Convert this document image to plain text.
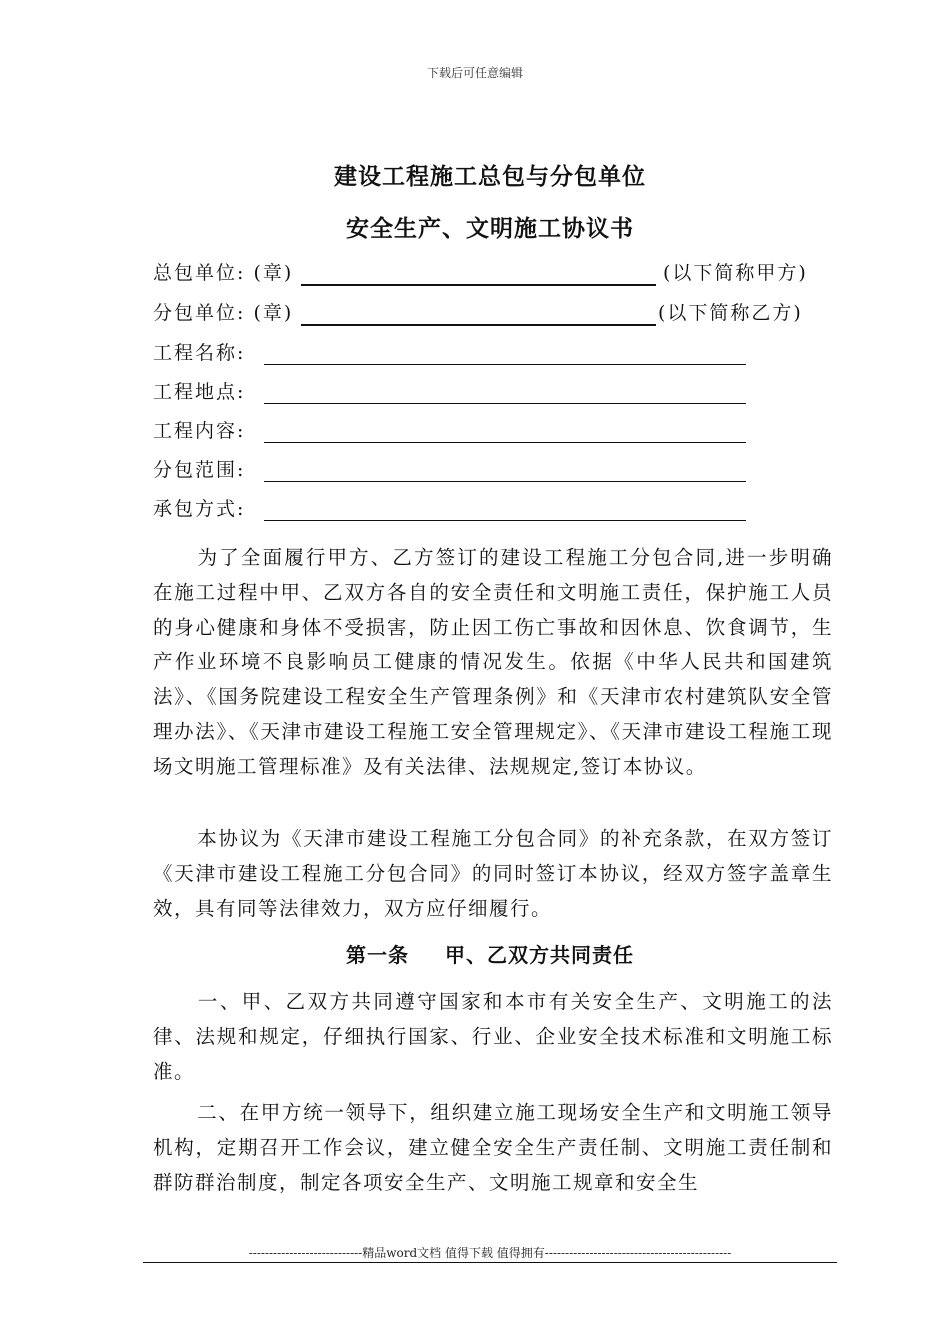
下载后可任意编辑
建设工程施工总包与分包单位
安全生产、文明施工协议书
总包单位: (章)	(以下简称甲方)
分包单位: (章)	(以下简称乙方)
工程名称:
工程地点:
工程内容:
分包范围:
承包方式:
为了全面履行甲方、乙方签订的建设工程施工分包合同,进一步明确在施工过程中甲、乙双方各自的安全责任和文明施工责任，保护施工人员的身心健康和身体不受损害，防止因工伤亡事故和因休息、饮食调节，生产作业环境不良影响员工健康的情况发生。依据《中华人民共和国建筑法》、《国务院建设工程安全生产管理条例》和《天津市农村建筑队安全管理办法》、《天津市建设工程施工安全管理规定》、《天津市建设工程施工现场文明施工管理标准》及有关法律、法规规定,签订本协议。
本协议为《天津市建设工程施工分包合同》的补充条款，在双方签订《天津市建设工程施工分包合同》的同时签订本协议，经双方签字盖章生效，具有同等法律效力，双方应仔细履行。
第一条 甲、乙双方共同责任
一、甲、乙双方共同遵守国家和本市有关安全生产、文明施工的法律、法规和规定，仔细执行国家、行业、企业安全技术标准和文明施工标准。
二、在甲方统一领导下，组织建立施工现场安全生产和文明施工领导机构，定期召开工作会议，建立健全安全生产责任制、文明施工责任制和群防群治制度，制定各项安全生产、文明施工规章和安全生
----------------------------精品word文档 值得下载 值得拥有----------------------------------------------
